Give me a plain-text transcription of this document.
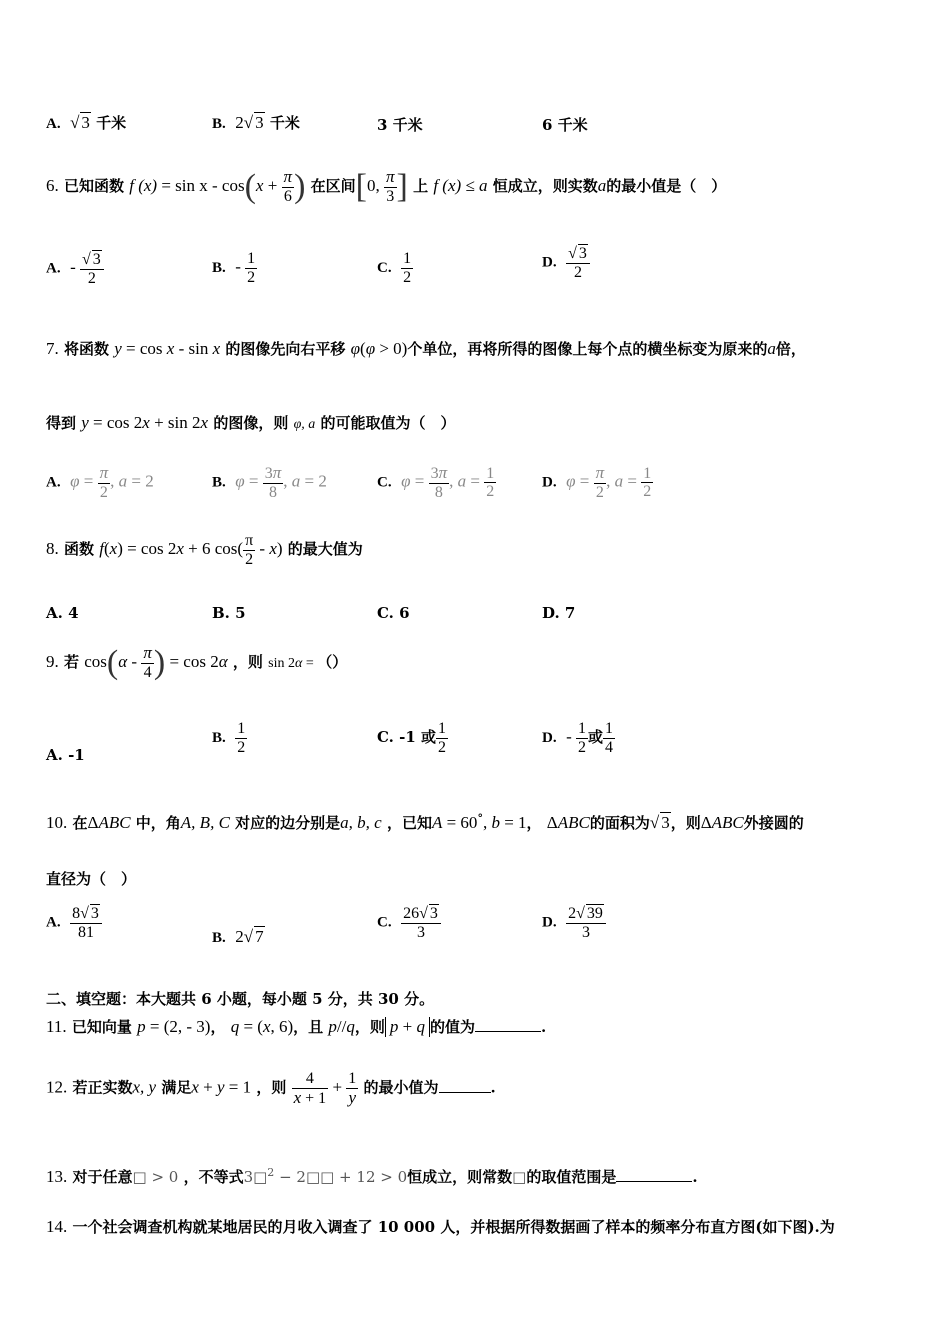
A.  √ 3 千米	B.  2√ 3 千米	3 千米	6 千米
6. 已知函数 f $(x) = \sin x - \cos(x + \frac{\pi}{6}$ ) 在区间[0, $\frac{\pi}{3}$ ] 上 f (x) ≤ a 恒成立，则实数a的最小值是（　）
A.  - $\frac{√ 3}{2}$	B.  - $\frac{1}{2}$	C. $\frac{1}{2}$	D. $\frac{√ 3}{2}$
7. 将函数 y = cos x - sin x 的图像先向右平移 φ(φ > 0)个单位，再将所得的图像上每个点的横坐标变为原来的a倍，
得到 y = cos 2x + sin 2x 的图像，则 φ, a 的可能取值为（　）
A.  $\varphi = \frac{\pi}{2}$ , a = 2	B.  $\varphi = \frac{3\pi}{8}$ , a = 2	C.  $\varphi = \frac{3\pi}{8}$ , $a = \frac{1}{2}$	D.  $\varphi = \frac{\pi}{2}$ , $a = \frac{1}{2}$
8. 函数 f(x) = cos 2x + 6 $\cos( \frac{\pi}{2} - x)$ 的最大值为
A. 4	B. 5	C. 6	D. 7
9. 若 $\cos(\alpha - \frac{\pi}{4}$ ) = cos 2α ，则 sin 2α = （）
A. -1
B. $\frac{1}{2}$	C. -1 或 $\frac{1}{2}$	D.  - $\frac{1}{2}$ 或 $\frac{1}{4}$
10. 在ΔABC 中，角A, B, C 对应的边分别是a, b, c ，已知A = 60°, b = 1， ΔABC的面积为√ 3，则ΔABC外接圆的
直径为（　）
A. $\frac{8√ 3}{81}$	B.  2√ 7
C. $\frac{26√ 3}{3}$	D. $\frac{2√ 39}{3}$
二、填空题：本大题共 6 小题，每小题 5 分，共 30 分。
11. 已知向量 p = (2, - 3)， q = (x, 6)，且 p//q，则 p + q 的值为	.
12. 若正实数x, y 满足x + y = 1 ，则 $\frac{4}{x + 1} + \frac{1}{y}$ 的最小值为	.
13. 对于任意□ > 0 ，不等式3□$^2$ − 2□□ + 12 > 0恒成立，则常数□的取值范围是	.
14. 一个社会调查机构就某地居民的月收入调查了 10 000 人，并根据所得数据画了样本的频率分布直方图(如下图).为
